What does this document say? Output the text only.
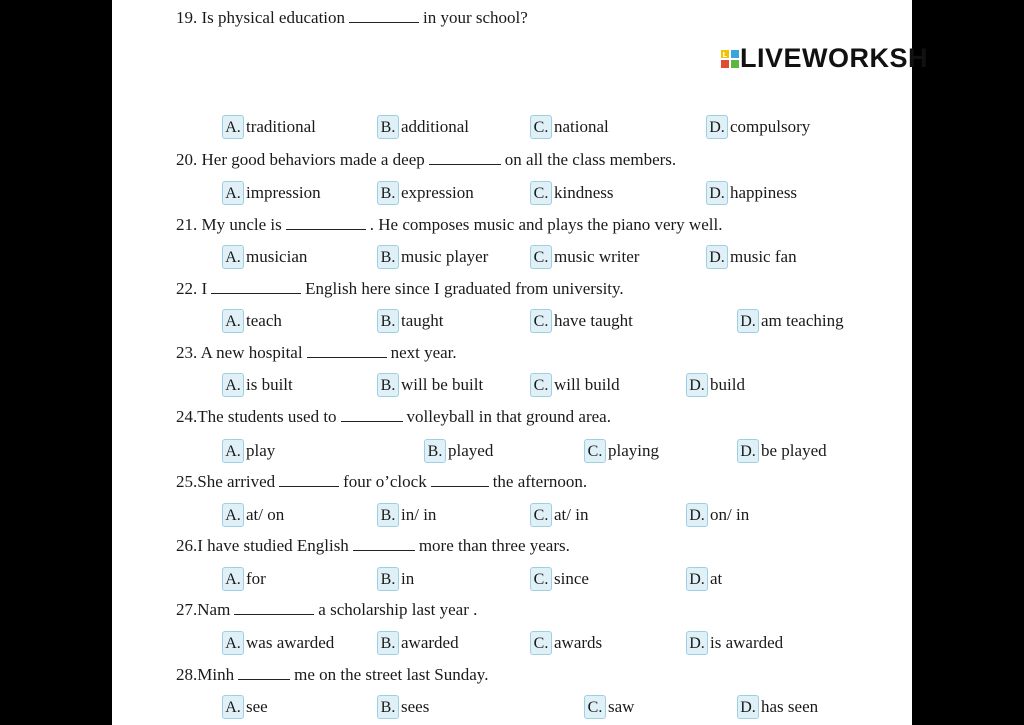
L LIVEWORKSH
19. Is physical education	in your school?
A. traditional	B. additional	C. national	D. compulsory
20. Her good behaviors made a deep	on all the class members.
A. impression	B. expression	C. kindness	D. happiness
21. My uncle is	. He composes music and plays the piano very well.
A. musician	B. music player	C. music writer	D. music fan
22. I	English here since I graduated from university.
A. teach	B. taught	C. have taught	D. am teaching
23. A new hospital	next year.
A. is built	B. will be built	C. will build	D. build
24.The students used to	volleyball in that ground area.
A. play	B. played	C. playing	D. be played
25.She arrived	four o’clock	the afternoon.
A. at/ on	B. in/ in	C. at/ in	D. on/ in
26.I have studied English	more than three years.
A. for	B. in	C. since	D. at
27.Nam	a scholarship last year .
A. was awarded	B. awarded	C. awards	D. is awarded
28.Minh	me on the street last Sunday.
A. see	B. sees	C. saw	D. has seen
